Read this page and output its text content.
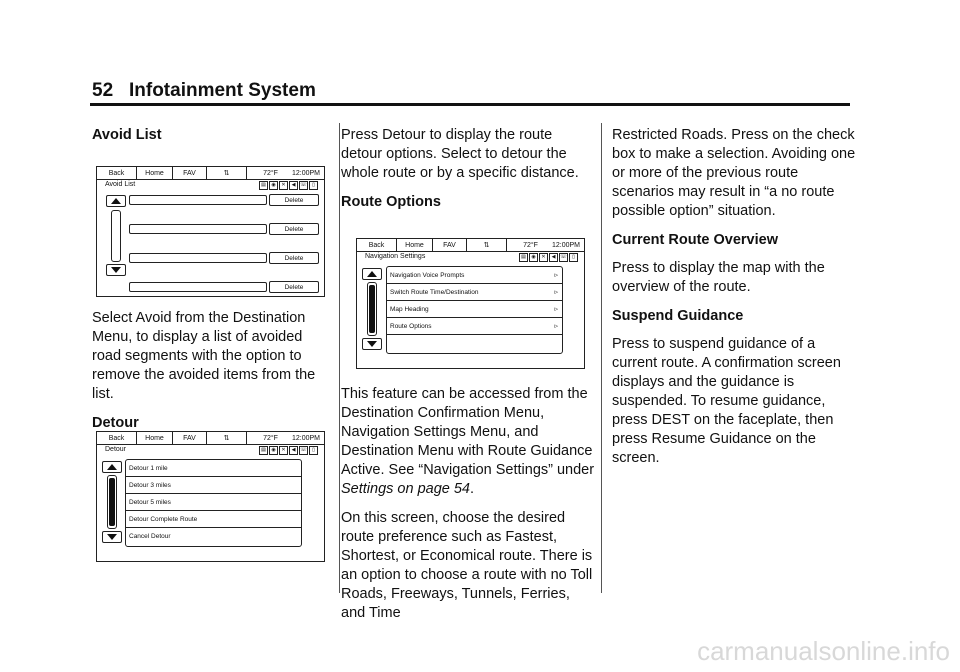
52 Infotainment System
Avoid List

Select Avoid from the Destination Menu, to display a list of avoided road segments with the option to remove the avoided items from the list.

Detour
Back	Home	FAV	⇅	72°F 12:00PM
Avoid List	▤	◉	✕	◀ ☏	▯
Delete
Delete
Delete
Delete
Back	Home	FAV	⇅	72°F 12:00PM
Detour	▤	◉	✕	◀ ☏	▯
Detour 1 mile
Detour 3 miles
Detour 5 miles
Detour Complete Route
Cancel Detour

Press Detour to display the route detour options. Select to detour the whole route or by a specific distance.

Route Options

This feature can be accessed from the Destination Confirmation Menu, Navigation Settings Menu, and Destination Menu with Route Guidance Active. See “Navigation Settings” under Settings on page 54.

On this screen, choose the desired route preference such as Fastest, Shortest, or Economical route. There is an option to choose a route with no Toll Roads, Freeways, Tunnels, Ferries, and Time

Back	Home	FAV	⇅	72°F 12:00PM
Navigation Settings	▤	◉	✕	◀ ☏	▯
Navigation Voice Prompts	▹
Switch Route Time/Destination	▹
Map Heading	▹
Route Options	▹

Restricted Roads. Press on the check box to make a selection. Avoiding one or more of the previous route scenarios may result in “a no route possible option” situation.

Current Route Overview

Press to display the map with the overview of the route.

Suspend Guidance

Press to suspend guidance of a current route. A confirmation screen displays and the guidance is suspended. To resume guidance, press DEST on the faceplate, then press Resume Guidance on the screen.

carmanualsonline.info
